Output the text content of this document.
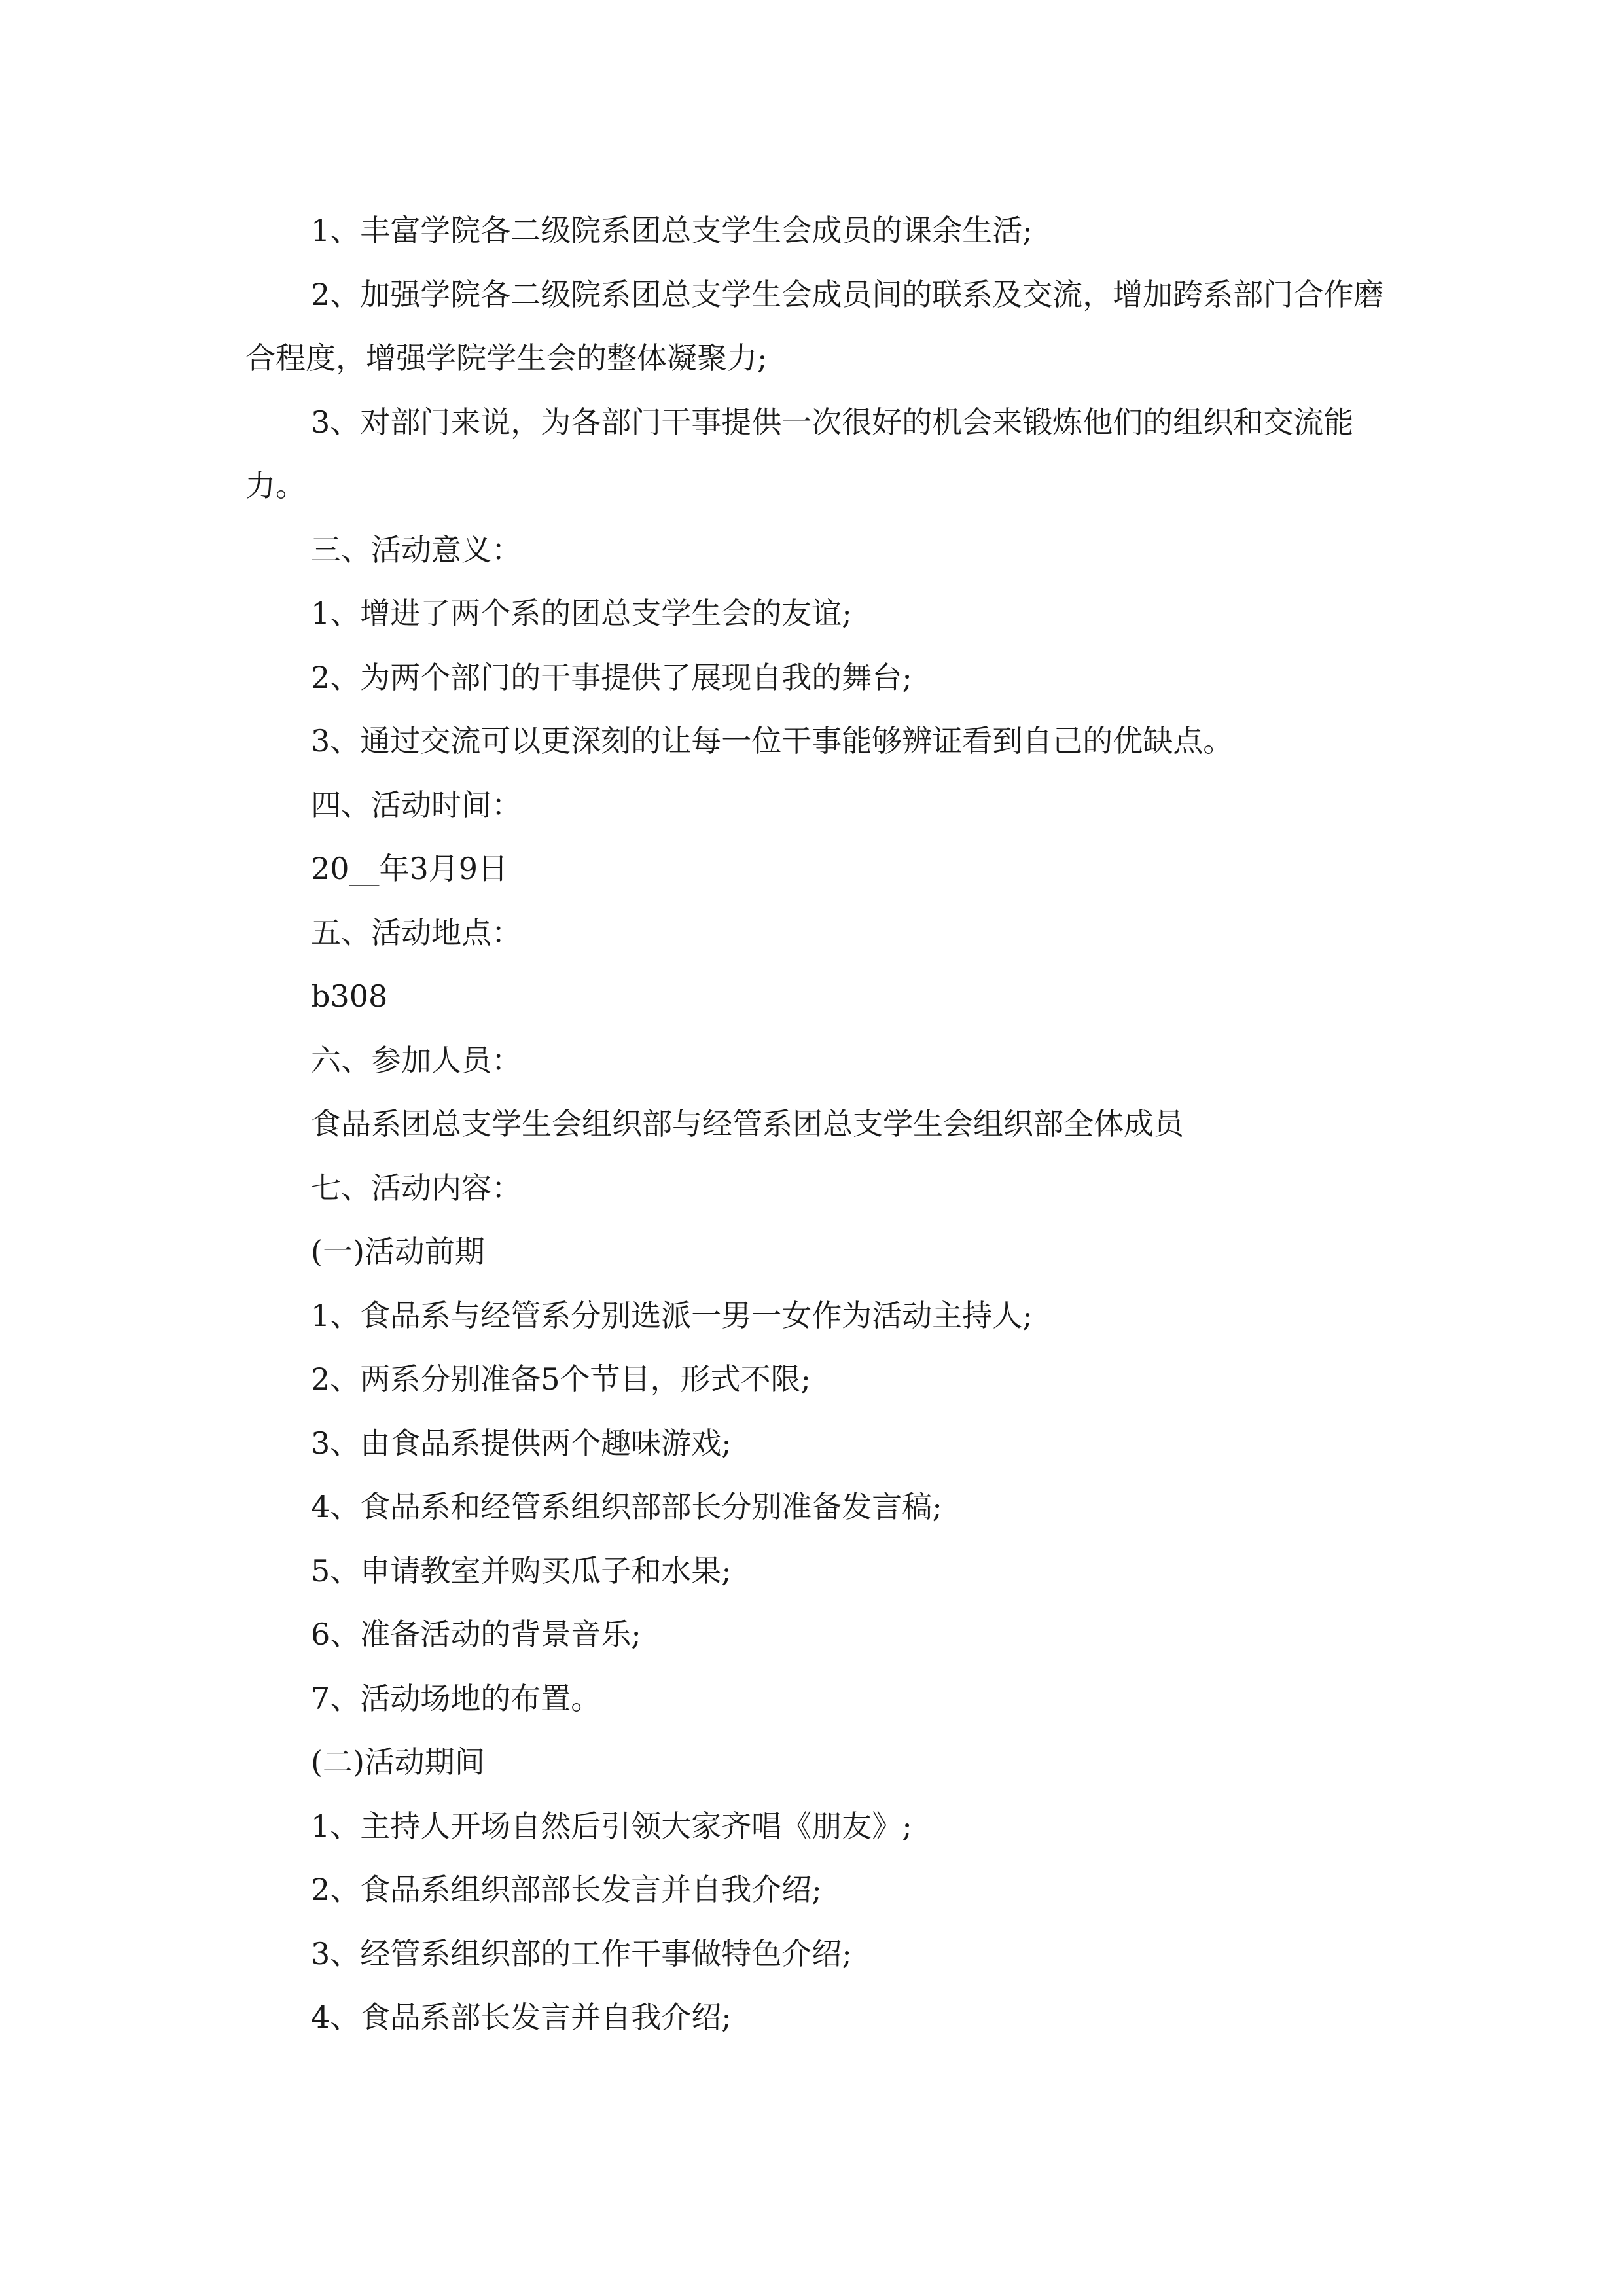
1、丰富学院各二级院系团总支学生会成员的课余生活;

2、加强学院各二级院系团总支学生会成员间的联系及交流，增加跨系部门合作磨合程度，增强学院学生会的整体凝聚力;

3、对部门来说，为各部门干事提供一次很好的机会来锻炼他们的组织和交流能力。

三、活动意义：

1、增进了两个系的团总支学生会的友谊;

2、为两个部门的干事提供了展现自我的舞台;

3、通过交流可以更深刻的让每一位干事能够辨证看到自己的优缺点。

四、活动时间：

20__年3月9日

五、活动地点：

b308

六、参加人员：

食品系团总支学生会组织部与经管系团总支学生会组织部全体成员

七、活动内容：

(一)活动前期

1、食品系与经管系分别选派一男一女作为活动主持人;

2、两系分别准备5个节目，形式不限;

3、由食品系提供两个趣味游戏;

4、食品系和经管系组织部部长分别准备发言稿;

5、申请教室并购买瓜子和水果;

6、准备活动的背景音乐;

7、活动场地的布置。

(二)活动期间

1、主持人开场自然后引领大家齐唱《朋友》;

2、食品系组织部部长发言并自我介绍;

3、经管系组织部的工作干事做特色介绍;

4、食品系部长发言并自我介绍;
